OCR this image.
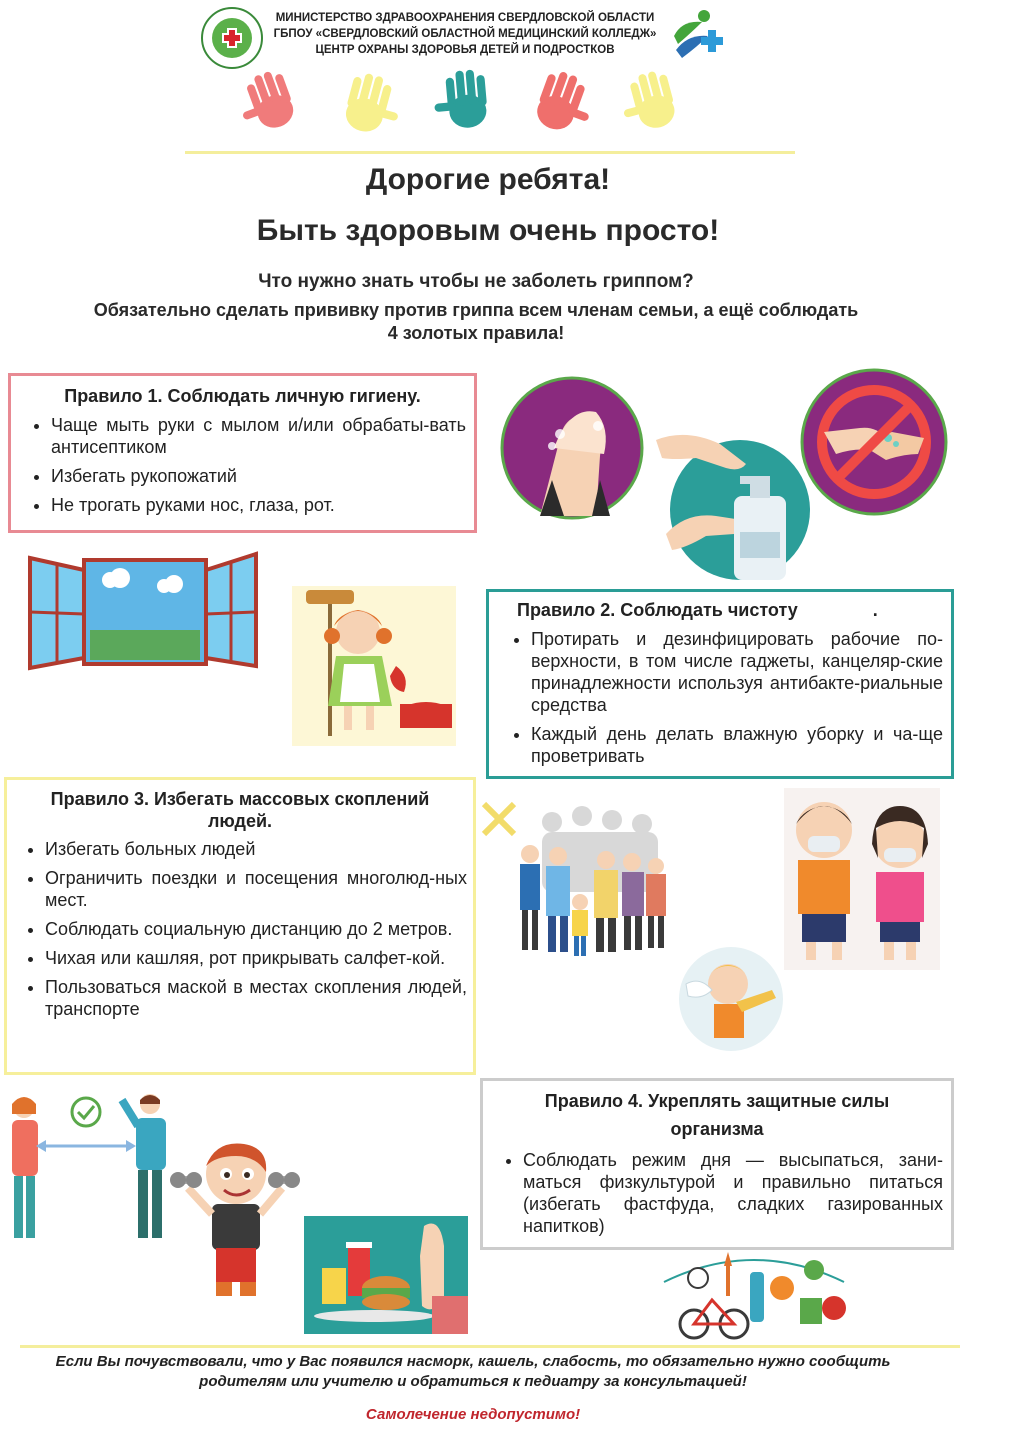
МИНИСТЕРСТВО ЗДРАВООХРАНЕНИЯ СВЕРДЛОВСКОЙ ОБЛАСТИ
ГБПОУ «СВЕРДЛОВСКИЙ ОБЛАСТНОЙ МЕДИЦИНСКИЙ КОЛЛЕДЖ»
ЦЕНТР ОХРАНЫ ЗДОРОВЬЯ ДЕТЕЙ И ПОДРОСТКОВ
Дорогие ребята!
Быть здоровым очень просто!
Что нужно знать чтобы не заболеть гриппом?
Обязательно сделать прививку против гриппа всем членам семьи, а ещё соблюдать
4 золотых правила!
Правило 1. Соблюдать личную гигиену.
• Чаще мыть руки с мылом и/или обрабаты-вать антисептиком
• Избегать рукопожатий
• Не трогать руками нос, глаза, рот.
Правило 2. Соблюдать чистоту               .
• Протирать и дезинфицировать рабочие по-верхности, в том числе гаджеты, канцеляр-ские принадлежности используя антибакте-риальные средства
• Каждый день делать влажную уборку и ча-ще проветривать
Правило 3. Избегать массовых скоплений людей.
• Избегать больных людей
• Ограничить поездки и посещения многолюд-ных мест.
• Соблюдать социальную дистанцию до 2 метров.
• Чихая или кашляя, рот прикрывать салфет-кой.
• Пользоваться маской в местах скопления людей, транспорте
Правило 4. Укреплять защитные силы организма
• Соблюдать режим дня — высыпаться, зани-маться физкультурой и правильно питаться (избегать фастфуда, сладких газированных напитков)
Если Вы почувствовали, что у Вас появился насморк, кашель, слабость, то обязательно нужно сообщить
родителям или учителю и обратиться к педиатру за консультацией!
Самолечение недопустимо!
